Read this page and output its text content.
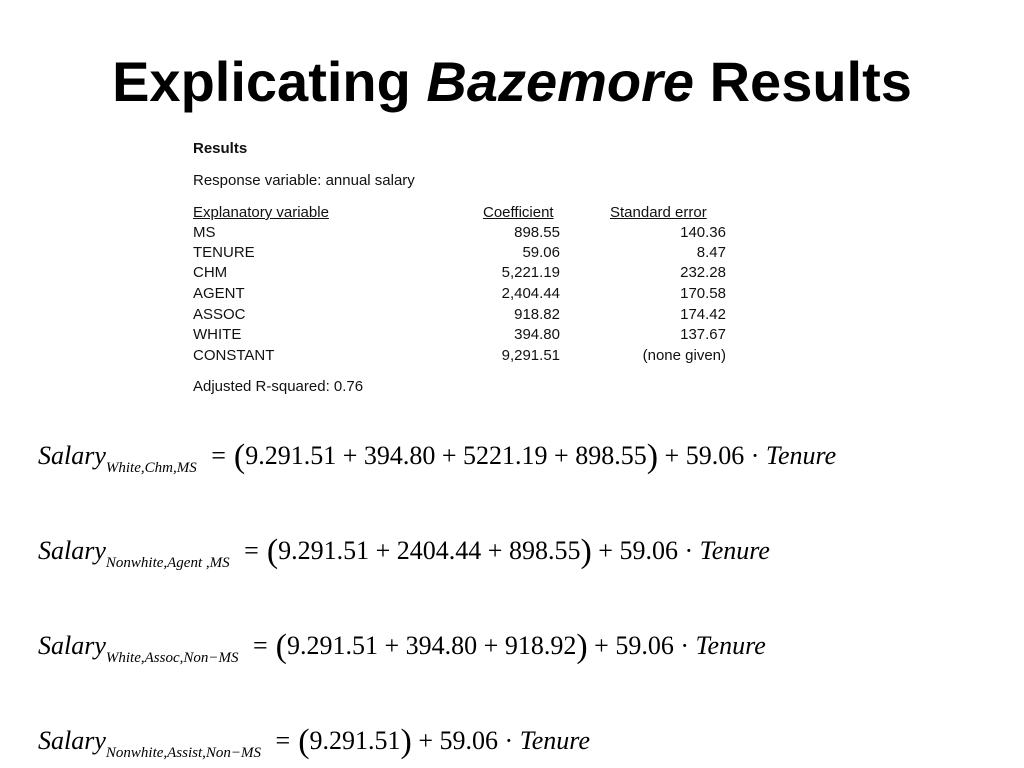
Explicating Bazemore Results
Results
Response variable: annual salary
Explanatory variable	Coefficient	Standard error
MS	898.55	140.36
TENURE	59.06	8.47
CHM	5,221.19	232.28
AGENT	2,404.44	170.58
ASSOC	918.82	174.42
WHITE	394.80	137.67
CONSTANT	9,291.51	(none given)
Adjusted R-squared: 0.76
Salary$_{White,Chm,MS}$ = (9.291.51 + 394.80 + 5221.19 + 898.55) + 59.06 · Tenure
Salary$_{Nonwhite,Agent ,MS}$ = (9.291.51 + 2404.44 + 898.55) + 59.06 · Tenure
Salary$_{White,Assoc,Non-MS}$ = (9.291.51 + 394.80 + 918.92) + 59.06 · Tenure
Salary$_{Nonwhite,Assist,Non-MS}$ = (9.291.51) + 59.06 · Tenure
